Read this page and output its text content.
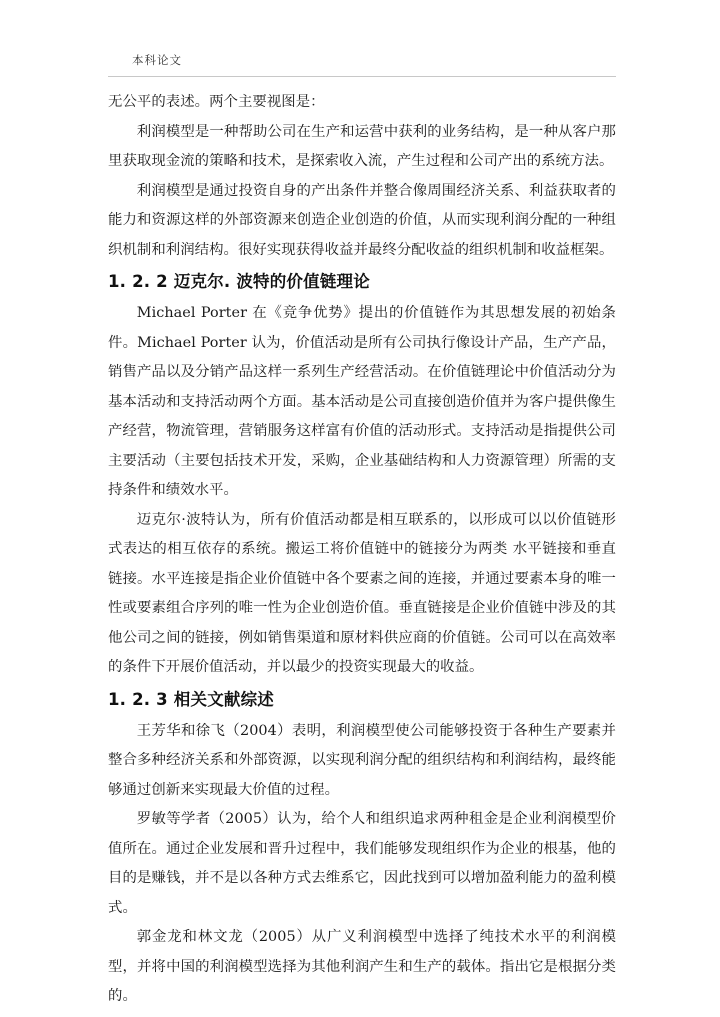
本科论文

无公平的表述。两个主要视图是：

利润模型是一种帮助公司在生产和运营中获利的业务结构，是一种从客户那里获取现金流的策略和技术，是探索收入流，产生过程和公司产出的系统方法。

利润模型是通过投资自身的产出条件并整合像周围经济关系、利益获取者的能力和资源这样的外部资源来创造企业创造的价值，从而实现利润分配的一种组织机制和利润结构。很好实现获得收益并最终分配收益的组织机制和收益框架。

1. 2. 2 迈克尔. 波特的价值链理论

Michael Porter 在《竞争优势》提出的价值链作为其思想发展的初始条件。Michael Porter 认为，价值活动是所有公司执行像设计产品，生产产品，销售产品以及分销产品这样一系列生产经营活动。在价值链理论中价值活动分为基本活动和支持活动两个方面。基本活动是公司直接创造价值并为客户提供像生产经营，物流管理，营销服务这样富有价值的活动形式。支持活动是指提供公司主要活动（主要包括技术开发，采购，企业基础结构和人力资源管理）所需的支持条件和绩效水平。

迈克尔·波特认为，所有价值活动都是相互联系的，以形成可以以价值链形式表达的相互依存的系统。搬运工将价值链中的链接分为两类 水平链接和垂直链接。水平连接是指企业价值链中各个要素之间的连接，并通过要素本身的唯一性或要素组合序列的唯一性为企业创造价值。垂直链接是企业价值链中涉及的其他公司之间的链接，例如销售渠道和原材料供应商的价值链。公司可以在高效率的条件下开展价值活动，并以最少的投资实现最大的收益。

1. 2. 3 相关文献综述

王芳华和徐飞（2004）表明，利润模型使公司能够投资于各种生产要素并整合多种经济关系和外部资源，以实现利润分配的组织结构和利润结构，最终能够通过创新来实现最大价值的过程。

罗敏等学者（2005）认为，给个人和组织追求两种租金是企业利润模型价值所在。通过企业发展和晋升过程中，我们能够发现组织作为企业的根基，他的目的是赚钱，并不是以各种方式去维系它，因此找到可以增加盈利能力的盈利模式。

郭金龙和林文龙（2005）从广义利润模型中选择了纯技术水平的利润模型，并将中国的利润模型选择为其他利润产生和生产的载体。指出它是根据分类的。
